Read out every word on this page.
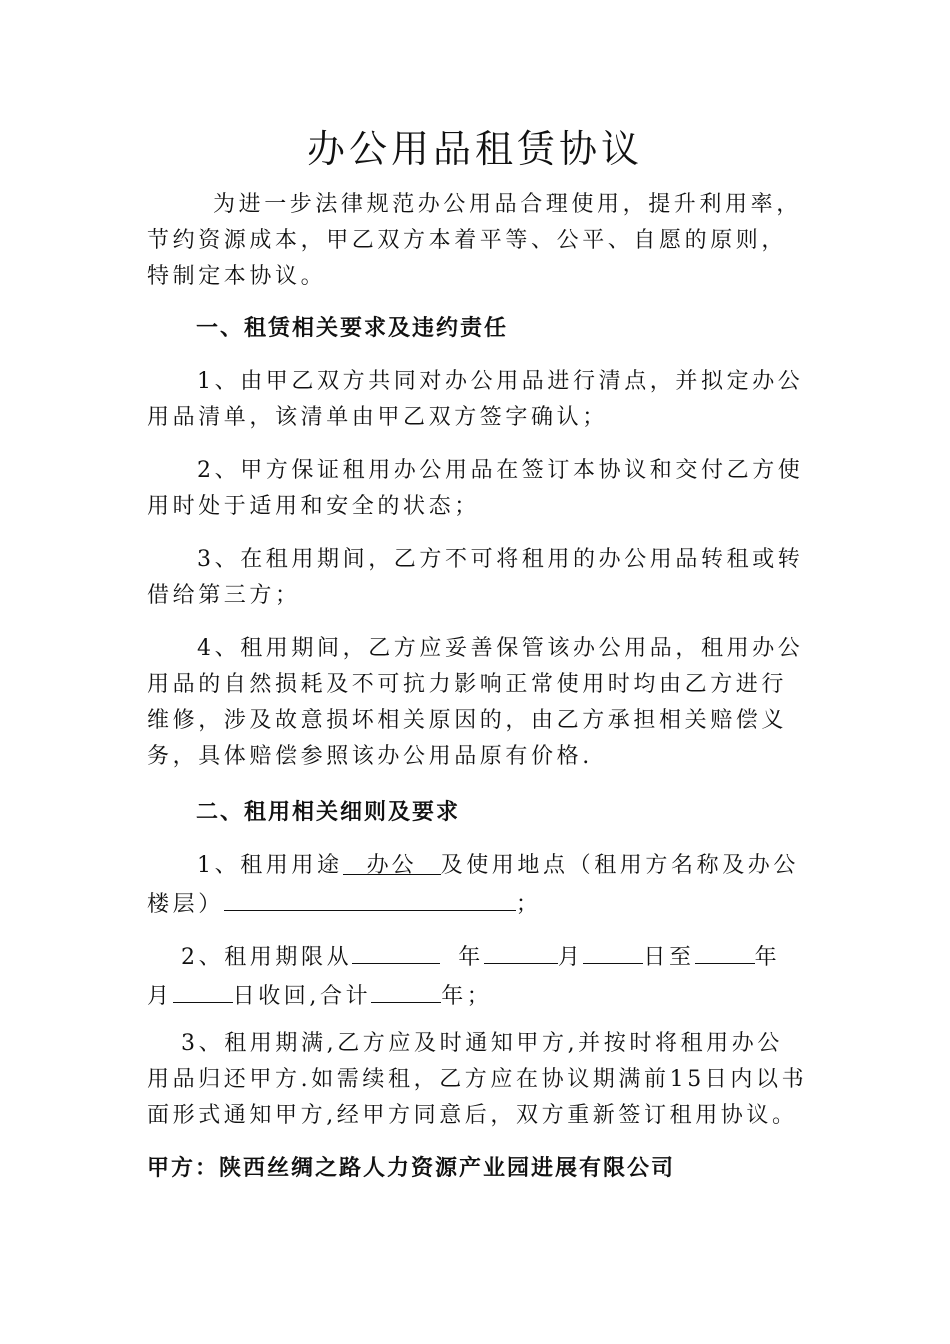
办公用品租赁协议
为进一步法律规范办公用品合理使用，提升利用率，
节约资源成本，甲乙双方本着平等、公平、自愿的原则，
特制定本协议。
一、租赁相关要求及违约责任
1、由甲乙双方共同对办公用品进行清点，并拟定办公
用品清单，该清单由甲乙双方签字确认；
2、甲方保证租用办公用品在签订本协议和交付乙方使
用时处于适用和安全的状态；
3、在租用期间，乙方不可将租用的办公用品转租或转
借给第三方；
4、租用期间，乙方应妥善保管该办公用品，租用办公
用品的自然损耗及不可抗力影响正常使用时均由乙方进行
维修，涉及故意损坏相关原因的，由乙方承担相关赔偿义
务，具体赔偿参照该办公用品原有价格.
二、租用相关细则及要求
1、租用用途 办公 及使用地点（租用方名称及办公
楼层）	；
2、租用期限从	年	月	日至	年
月	日收回,合计	年；
3、租用期满,乙方应及时通知甲方,并按时将租用办公
用品归还甲方.如需续租，乙方应在协议期满前15日内以书
面形式通知甲方,经甲方同意后，双方重新签订租用协议。
甲方：陕西丝绸之路人力资源产业园进展有限公司
